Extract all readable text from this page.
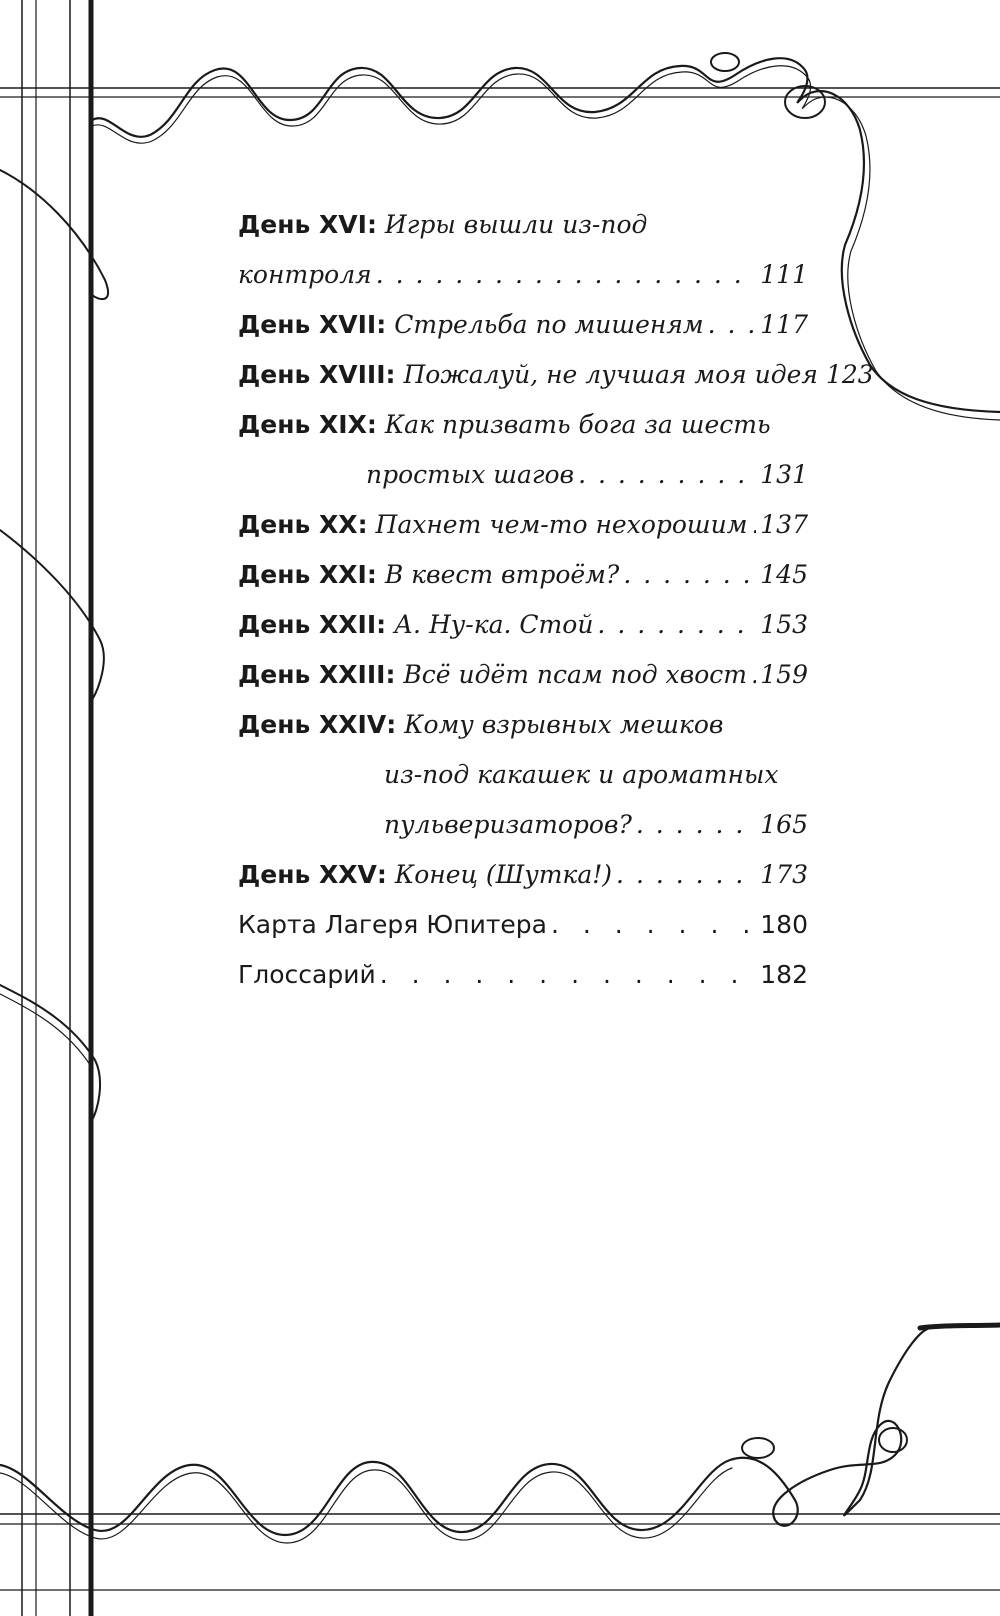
День XVI :
Игры вышли из-под
контроля . . .	111
День XVII :
Стрельба по мишеням . . . 117
День XVIII :
Пожалуй, не лучшая моя идея 123
День XIX :
Как призвать бога за шесть
простых шагов . . .	131
День XX :
Пахнет чем-то нехорошим . . . 137
День XXI :
В квест втроём? . . .	145
День XXII :
А. Ну-ка. Стой . . .	153
День XXIII :
Всё идёт псам под хвост . . . 159
День XXIV :
Кому взрывных мешков
из-под какашек и ароматных
пульверизаторов? . . .	165
День XXV :
Конец (Шутка!) . . .	173
Карта Лагеря Юпитера . . .	180
Глоссарий . . .	182
